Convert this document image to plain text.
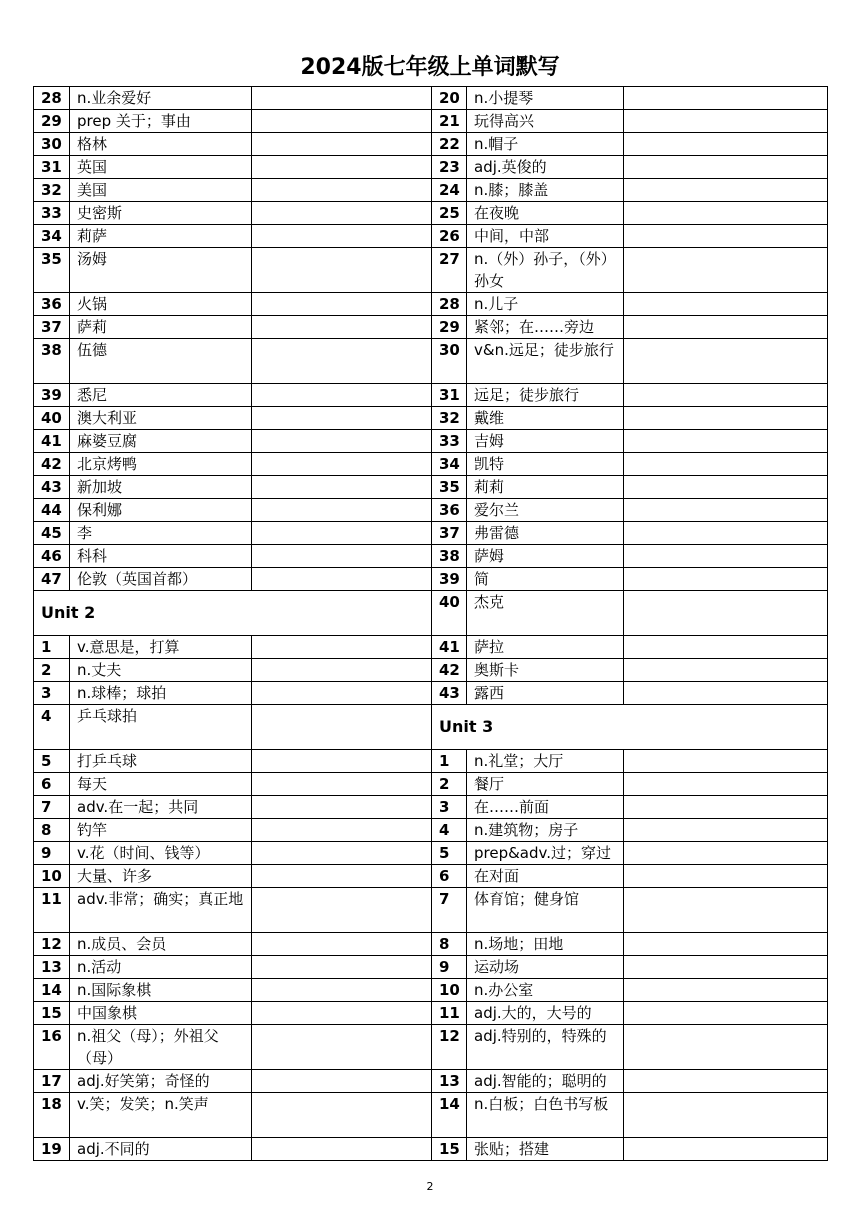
2024版七年级上单词默写
28	n.业余爱好	
29	prep 关于；事由	
30	格林	
31	英国	
32	美国	
33	史密斯	
34	莉萨	
35	汤姆	
36	火锅	
37	萨莉	
38	伍德	
39	悉尼	
40	澳大利亚	
41	麻婆豆腐	
42	北京烤鸭	
43	新加坡	
44	保利娜	
45	李	
46	科科	
47	伦敦（英国首都）	
Unit 2		
1	v.意思是，打算	
2	n.丈夫	
3	n.球棒；球拍	
4	乒乓球拍	
5	打乒乓球	
6	每天	
7	adv.在一起；共同	
8	钓竿	
9	v.花（时间、钱等）	
10	大量、许多	
11	adv.非常；确实；真正地	
12	n.成员、会员	
13	n.活动	
14	n.国际象棋	
15	中国象棋	
16	n.祖父（母）；外祖父（母）	
17	adj.好笑第；奇怪的	
18	v.笑；发笑；n.笑声	
19	adj.不同的	
20	n.小提琴	
21	玩得高兴	
22	n.帽子	
23	adj.英俊的	
24	n.膝；膝盖	
25	在夜晚	
26	中间，中部	
27	n.（外）孙子，（外）孙女	
28	n.儿子	
29	紧邻；在……旁边	
30	v&n.远足；徒步旅行	
31	远足；徒步旅行	
32	戴维	
33	吉姆	
34	凯特	
35	莉莉	
36	爱尔兰	
37	弗雷德	
38	萨姆	
39	简	
40	杰克	
41	萨拉	
42	奥斯卡	
43	露西	
Unit 3		
1	n.礼堂；大厅	
2	餐厅	
3	在……前面	
4	n.建筑物；房子	
5	prep&adv.过；穿过	
6	在对面	
7	体育馆；健身馆	
8	n.场地；田地	
9	运动场	
10	n.办公室	
11	adj.大的，大号的	
12	adj.特别的，特殊的	
13	adj.智能的；聪明的	
14	n.白板；白色书写板	
15	张贴；搭建	
2
